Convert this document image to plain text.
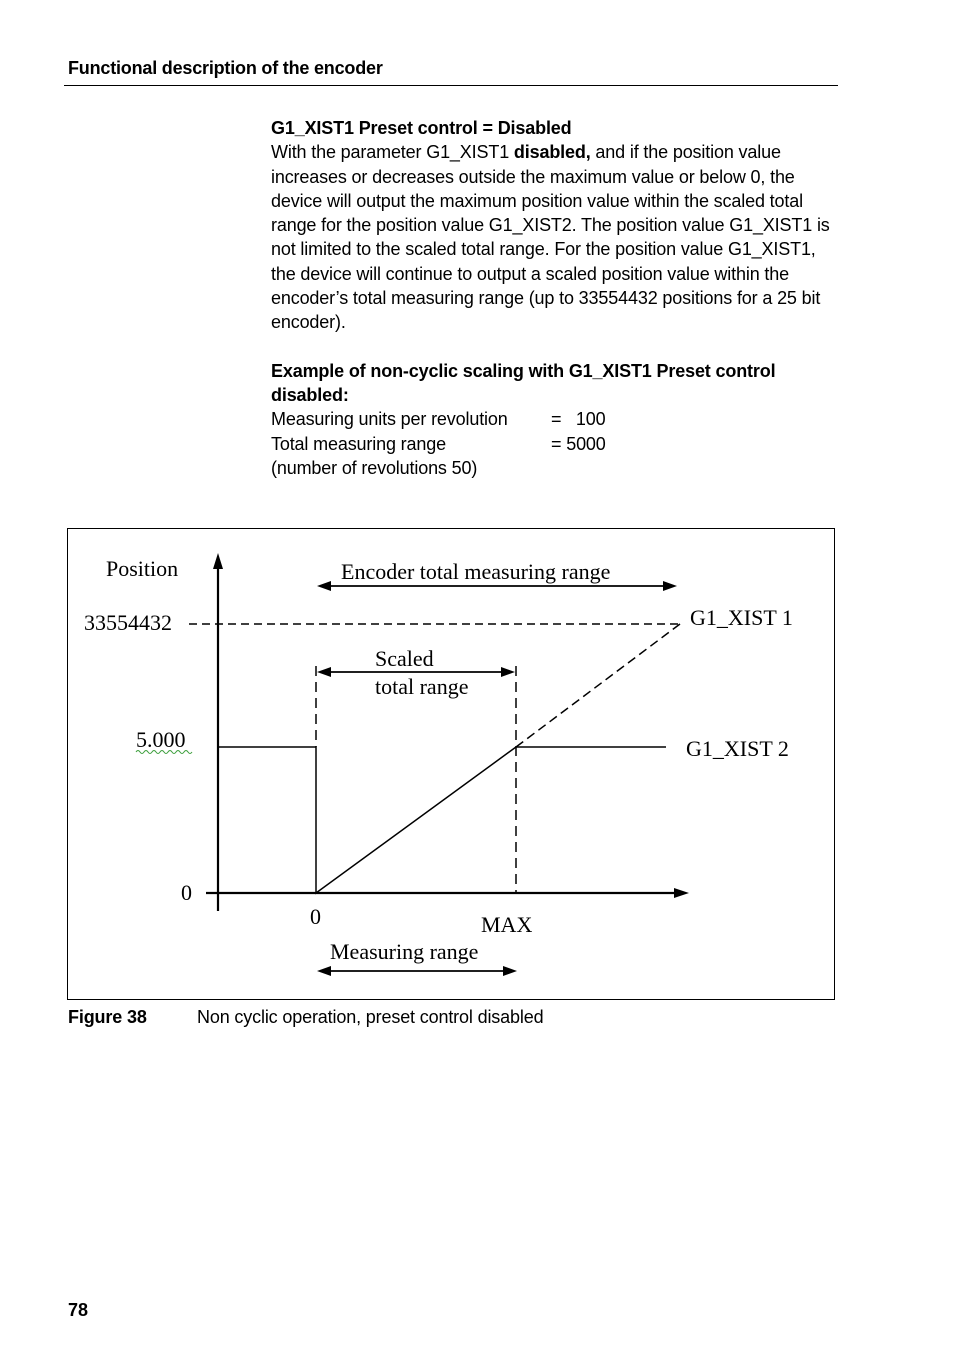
Functional description of the encoder

G1_XIST1 Preset control = Disabled

With the parameter G1_XIST1 disabled, and if the position value increases or decreases outside the maximum value or below 0, the device will output the maximum position value within the scaled total range for the position value G1_XIST2. The position value G1_XIST1 is not limited to the scaled total range. For the position value G1_XIST1, the device will continue to output a scaled position value within the encoder’s total measuring range (up to 33554432 positions for a 25 bit encoder).

Example of non-cyclic scaling with G1_XIST1 Preset control disabled:

Measuring units per revolution	=   100
Total measuring range	= 5000

(number of revolutions 50)

Position	Encoder total measuring range
33554432	G1_XIST 1
Scaled
total range
5.000	G1_XIST 2
0
0	MAX
Measuring range
Figure 38	Non cyclic operation, preset control disabled
78
